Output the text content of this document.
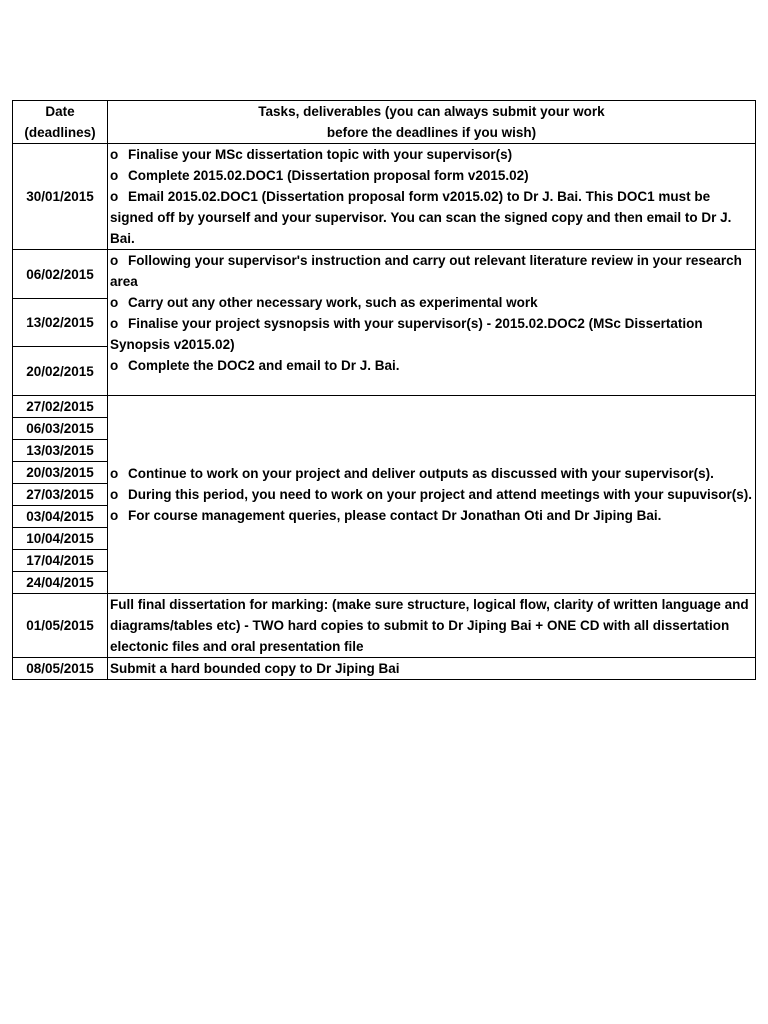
Date
(deadlines)	Tasks, deliverables (you can always submit your work
before the deadlines if you wish)

30/01/2015	o Finalise your MSc dissertation topic with your supervisor(s)
o Complete 2015.02.DOC1 (Dissertation proposal form v2015.02)
o Email 2015.02.DOC1 (Dissertation proposal form v2015.02) to Dr J. Bai. This DOC1 must be signed off by yourself and your supervisor. You can scan the signed copy and then email to Dr J. Bai.

06/02/2015	o Following your supervisor's instruction and carry out relevant literature review in your research area
o Carry out any other necessary work, such as experimental work
o Finalise your project sysnopsis with your supervisor(s) - 2015.02.DOC2 (MSc Dissertation Synopsis v2015.02)
o Complete the DOC2 and email to Dr J. Bai.

13/02/2015	
20/02/2015	
27/02/2015	o Continue to work on your project and deliver outputs as discussed with your supervisor(s).
o During this period, you need to work on your project and attend meetings with your supuvisor(s).
o For course management queries, please contact Dr Jonathan Oti and Dr Jiping Bai.

06/03/2015	
13/03/2015	
20/03/2015	
27/03/2015	
03/04/2015	
10/04/2015	
17/04/2015	
24/04/2015	
01/05/2015	Full final dissertation for marking: (make sure structure, logical flow, clarity of written language and diagrams/tables etc) - TWO hard copies to submit to Dr Jiping Bai + ONE CD with all dissertation electonic files and oral presentation file
08/05/2015	Submit a hard bounded copy to Dr Jiping Bai
